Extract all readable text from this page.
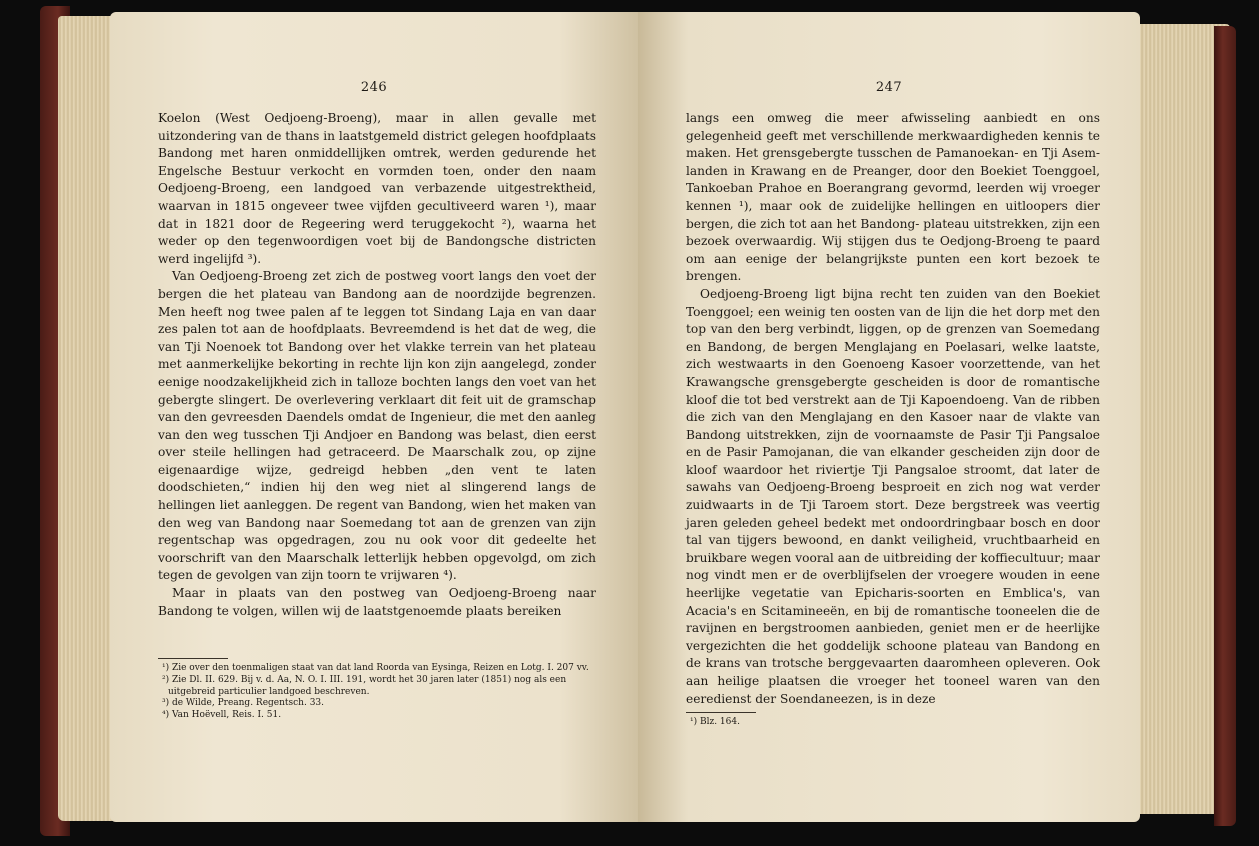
246

Koelon (West Oedjoeng-Broeng), maar in allen gevalle met uitzondering van de thans in laatstgemeld district gelegen hoofdplaats Bandong met haren onmiddellijken omtrek, werden gedurende het Engelsche Bestuur verkocht en vormden toen, onder den naam Oedjoeng-Broeng, een landgoed van verbazende uitgestrektheid, waarvan in 1815 ongeveer twee vijfden gecultiveerd waren ¹), maar dat in 1821 door de Regeering werd teruggekocht ²), waarna het weder op den tegenwoordigen voet bij de Bandongsche districten werd ingelijfd ³).

Van Oedjoeng-Broeng zet zich de postweg voort langs den voet der bergen die het plateau van Bandong aan de noordzijde begrenzen. Men heeft nog twee palen af te leggen tot Sindang Laja en van daar zes palen tot aan de hoofdplaats. Bevreemdend is het dat de weg, die van Tji Noenoek tot Bandong over het vlakke terrein van het plateau met aanmerkelijke bekorting in rechte lijn kon zijn aangelegd, zonder eenige noodzakelijkheid zich in talloze bochten langs den voet van het gebergte slingert. De overlevering verklaart dit feit uit de gramschap van den gevreesden Daendels omdat de Ingenieur, die met den aanleg van den weg tusschen Tji Andjoer en Bandong was belast, dien eerst over steile hellingen had getraceerd. De Maarschalk zou, op zijne eigenaardige wijze, gedreigd hebben „den vent te laten doodschieten,“ indien hij den weg niet al slingerend langs de hellingen liet aanleggen. De regent van Bandong, wien het maken van den weg van Bandong naar Soemedang tot aan de grenzen van zijn regentschap was opgedragen, zou nu ook voor dit gedeelte het voorschrift van den Maarschalk letterlijk hebben opgevolgd, om zich tegen de gevolgen van zijn toorn te vrijwaren ⁴).

Maar in plaats van den postweg van Oedjoeng-Broeng naar Bandong te volgen, willen wij de laatstgenoemde plaats bereiken

¹) Zie over den toenmaligen staat van dat land Roorda van Eysinga, Reizen en Lotg. I. 207 vv.

²) Zie Dl. II. 629. Bij v. d. Aa, N. O. I. III. 191, wordt het 30 jaren later (1851) nog als een uitgebreid particulier landgoed beschreven.

³) de Wilde, Preang. Regentsch. 33.

⁴) Van Hoëvell, Reis. I. 51.

247

langs een omweg die meer afwisseling aanbiedt en ons gelegenheid geeft met verschillende merkwaardigheden kennis te maken. Het grensgebergte tusschen de Pamanoekan- en Tji Asem-landen in Krawang en de Preanger, door den Boekiet Toenggoel, Tankoeban Prahoe en Boerangrang gevormd, leerden wij vroeger kennen ¹), maar ook de zuidelijke hellingen en uitloopers dier bergen, die zich tot aan het Bandong- plateau uitstrekken, zijn een bezoek overwaardig. Wij stijgen dus te Oedjong-Broeng te paard om aan eenige der belangrijkste punten een kort bezoek te brengen.

Oedjoeng-Broeng ligt bijna recht ten zuiden van den Boekiet Toenggoel; een weinig ten oosten van de lijn die het dorp met den top van den berg verbindt, liggen, op de grenzen van Soemedang en Bandong, de bergen Menglajang en Poelasari, welke laatste, zich westwaarts in den Goenoeng Kasoer voorzettende, van het Krawangsche grensgebergte gescheiden is door de romantische kloof die tot bed verstrekt aan de Tji Kapoendoeng. Van de ribben die zich van den Menglajang en den Kasoer naar de vlakte van Bandong uitstrekken, zijn de voornaamste de Pasir Tji Pangsaloe en de Pasir Pamojanan, die van elkander gescheiden zijn door de kloof waardoor het riviertje Tji Pangsaloe stroomt, dat later de sawahs van Oedjoeng-Broeng besproeit en zich nog wat verder zuidwaarts in de Tji Taroem stort. Deze bergstreek was veertig jaren geleden geheel bedekt met ondoordringbaar bosch en door tal van tijgers bewoond, en dankt veiligheid, vruchtbaarheid en bruikbare wegen vooral aan de uitbreiding der koffiecultuur; maar nog vindt men er de overblijfselen der vroegere wouden in eene heerlijke vegetatie van Epicharis-soorten en Emblica's, van Acacia's en Scitamineeën, en bij de romantische tooneelen die de ravijnen en bergstroomen aanbieden, geniet men er de heerlijke vergezichten die het goddelijk schoone plateau van Bandong en de krans van trotsche berggevaarten daaromheen opleveren. Ook aan heilige plaatsen die vroeger het tooneel waren van den eeredienst der Soendaneezen, is in deze

¹) Blz. 164.
